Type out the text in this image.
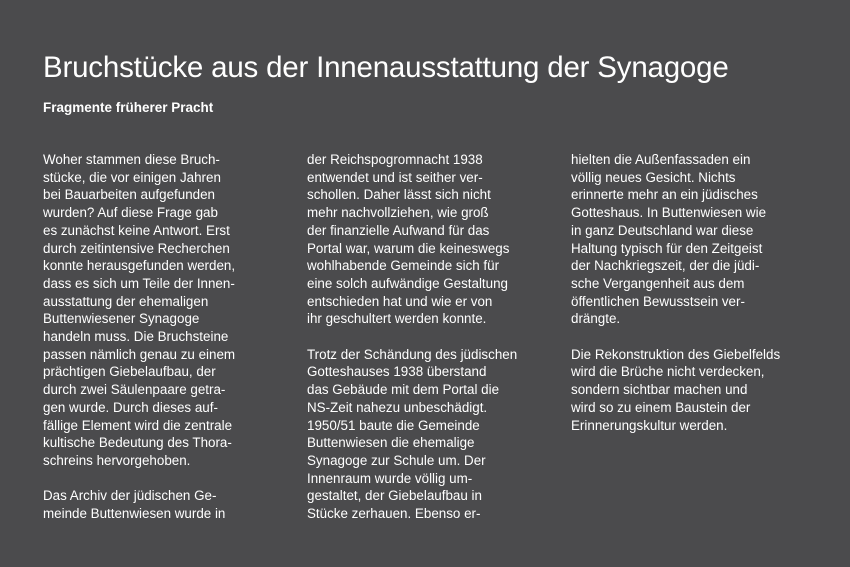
Bruchstücke aus der Innenausstattung der Synagoge
Fragmente früherer Pracht

Woher stammen diese Bruch-
stücke, die vor einigen Jahren
bei Bauarbeiten aufgefunden
wurden? Auf diese Frage gab
es zunächst keine Antwort. Erst
durch zeitintensive Recherchen
konnte herausgefunden werden,
dass es sich um Teile der Innen-
ausstattung der ehemaligen
Buttenwiesener Synagoge
handeln muss. Die Bruchsteine
passen nämlich genau zu einem
prächtigen Giebelaufbau, der
durch zwei Säulenpaare getra-
gen wurde. Durch dieses auf-
fällige Element wird die zentrale
kultische Bedeutung des Thora-
schreins hervorgehoben.

Das Archiv der jüdischen Ge-
meinde Buttenwiesen wurde in

der Reichspogromnacht 1938
entwendet und ist seither ver-
schollen. Daher lässt sich nicht
mehr nachvollziehen, wie groß
der finanzielle Aufwand für das
Portal war, warum die keineswegs
wohlhabende Gemeinde sich für
eine solch aufwändige Gestaltung
entschieden hat und wie er von
ihr geschultert werden konnte.

Trotz der Schändung des jüdischen
Gotteshauses 1938 überstand
das Gebäude mit dem Portal die
NS-Zeit nahezu unbeschädigt.
1950/51 baute die Gemeinde
Buttenwiesen die ehemalige
Synagoge zur Schule um. Der
Innenraum wurde völlig um-
gestaltet, der Giebelaufbau in
Stücke zerhauen. Ebenso er-

hielten die Außenfassaden ein
völlig neues Gesicht. Nichts
erinnerte mehr an ein jüdisches
Gotteshaus. In Buttenwiesen wie
in ganz Deutschland war diese
Haltung typisch für den Zeitgeist
der Nachkriegszeit, der die jüdi-
sche Vergangenheit aus dem
öffentlichen Bewusstsein ver-
drängte.

Die Rekonstruktion des Giebelfelds
wird die Brüche nicht verdecken,
sondern sichtbar machen und
wird so zu einem Baustein der
Erinnerungskultur werden.
